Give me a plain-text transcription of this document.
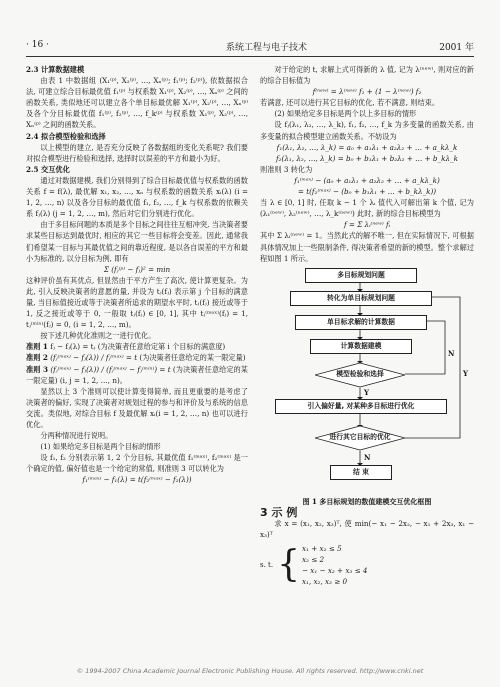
· 16 ·	系统工程与电子技术	2001 年

2.3 计算数据建模

由表 1 中数据组 (X₁⁽ᵖ⁾, X₂⁽ᵖ⁾, …, Xₙ⁽ᵖ⁾; f₁⁽ᵖ⁾; f₂⁽ᵖ⁾), 依数据拟合法, 可建立综合目标最优值 f₁⁽ᵖ⁾ 与权系数 X₁⁽ᵖ⁾, X₂⁽ᵖ⁾, …, Xₙ⁽ᵖ⁾ 之间的函数关系, 类似地还可以建立各个单目标最优解 X₁⁽ᵖ⁾, X₂⁽ᵖ⁾, …, Xₙ⁽ᵖ⁾ 及各个分目标最优值 f₁⁽ᵖ⁾, f₂⁽ᵖ⁾, …, f_k⁽ᵖ⁾ 与权系数 X₁⁽ᵖ⁾, X₂⁽ᵖ⁾, …, Xₙ⁽ᵖ⁾ 之间的函数关系。

2.4 拟合模型检验和选择

以上模型的建立, 是否充分反映了各数据组的变化关系呢? 我们要对拟合模型进行检验和选择, 选择时以误差的平方和最小为好。

2.5 交互优化

通过对数据建模, 我们分别得到了综合目标最优值与权系数的函数关系 f = f(λ), 最优解 x₁, x₂, …, xₙ 与权系数的函数关系 xᵢ(λ) (i = 1, 2, …, n) 以及各分目标的最优值 f₁, f₂, …, f_k 与权系数的依赖关系 fⱼ(λ) (j = 1, 2, …, m), 然后对它们分别进行优化。

由于多目标问题的本质是多个目标之间往往互相冲突, 当决策者要求某些目标达到最优时, 相应的其它一些目标将会变差。因此, 通常我们希望某一目标与其最优值之间的靠近程度, 是以各自误差的平方和最小为标准的, 以分目标为例, 即有

Σ (fⱼ⁽ᵖ⁾ − fⱼ)² = min

这种评价虽有其优点, 但显然由于平方产生了高次, 使计算更复杂。为此, 引入反映决策者的意愿的量, 并设为 tⱼ(fⱼ) 表示第 j 个目标的满意量, 当目标值接近或等于决策者所追求的期望水平时, tⱼ(fⱼ) 接近或等于 1, 反之接近或等于 0, 一般取 tⱼ(fⱼ) ∈ [0, 1], 其中 tⱼ⁽ᵐᵃˣ⁾(fⱼ) = 1, tⱼ⁽ᵐⁱⁿ⁾(fⱼ) = 0, (i = 1, 2, …, m)。

按下述几种优化准则之一进行优化。

准则 1 fⱼ − fⱼ(λ) = tⱼ (为决策者任意给定第 i 个目标的满意度)

准则 2 (fⱼ⁽ᵐᵃˣ⁾ − fⱼ(λ)) / fⱼ⁽ᵐᵃˣ⁾ = t (为决策者任意给定的某一限定量)

准则 3 (fⱼ⁽ᵐᵃˣ⁾ − fⱼ(λ)) / (fⱼ⁽ᵐᵃˣ⁾ − fⱼ⁽ᵐⁱⁿ⁾) = t (为决策者任意给定的某一限定量) (i, j = 1, 2, …, n)。

显然以上 3 个准则可以使计算变得简单, 而且更重要的是考虑了决策者的偏好, 实现了决策者对规划过程的参与和评价及与系统的信息交流。类似地, 对综合目标 f 及最优解 xᵢ(i = 1, 2, …, n) 也可以进行优化。

分两种情况进行说明。

(1) 如果给定多目标是两个目标的情形

设 f₁, f₂ 分别表示第 1, 2 个分目标, 其最优值 f₁⁽ᵐᵃˣ⁾, f₂⁽ᵐᵃˣ⁾ 是一个确定的值, 偏好值也是一个给定的常值, 则准则 3 可以转化为

f₁⁽ᵐᵃˣ⁾ − f₁(λ) = t(f₂⁽ᵐᵃˣ⁾ − f₂(λ))

对于给定的 t, 求解上式可得新的 λ 值, 记为 λ⁽ⁿᵉʷ⁾, 则对应的新的综合目标值为

f⁽ⁿᵉʷ⁾ = λ⁽ⁿᵉʷ⁾ f₁ + (1 − λ⁽ⁿᵉʷ⁾) f₂

若满意, 还可以进行其它目标的优化, 若不满意, 则结束。

(2) 如果给定多目标是两个以上多目标的情形

设 fⱼ(λ₁, λ₂, …, λ_k), f₁, f₂, …, f_k 为多变量的函数关系, 由多变量的拟合模型建立函数关系。不妨设为

f₁(λ₁, λ₂, …, λ_k) = a₀ + a₁λ₁ + a₂λ₂ + … + a_kλ_k

f₂(λ₁, λ₂, …, λ_k) = b₀ + b₁λ₁ + b₂λ₂ + … + b_kλ_k

则准则 3 转化为

f₁⁽ᵐᵃˣ⁾ − (a₀ + a₁λ₁ + a₂λ₂ + … + a_kλ_k)

= t(f₂⁽ᵐᵃˣ⁾ − (b₀ + b₁λ₁ + … + b_kλ_k))

当 λ ∈ [0, 1] 时, 任取 k − 1 个 λᵢ 值代入可解出第 k 个值, 记为 (λ₁⁽ⁿᵉʷ⁾, λ₂⁽ⁿᵉʷ⁾, …, λ_k⁽ⁿᵉʷ⁾) 此时, 新的综合目标模型为

f = Σ λᵢ⁽ⁿᵉʷ⁾ fᵢ

其中 Σ λᵢ⁽ⁿᵉʷ⁾ = 1。当然此式的解不唯一, 但在实际情况下, 可根据具体情况加上一些限制条件, 得决策者希望的新的模型。整个求解过程如图 1 所示。

多目标规划问题
转化为单目标规划问题
单目标求解的计算数据
计算数据建模
模型检验和选择
Y
N
引入偏好量, 对某种多目标进行优化
进行其它目标的优化
Y
N
结 束

图 1 多目标规划的数值建模交互优化框图

3 示 例

求 x = (x₁, x₂, x₃)ᵀ, 使 min(− x₁ − 2x₂, − x₁ + 2x₃, x₁ − x₃)ᵀ

s. t. { x₁ + x₂ ≤ 5
x₂ ≤ 2
− x₁ − x₂ + x₃ ≤ 4
x₁, x₂, x₃ ≥ 0
© 1994-2007 China Academic Journal Electronic Publishing House. All rights reserved. http://www.cnki.net
